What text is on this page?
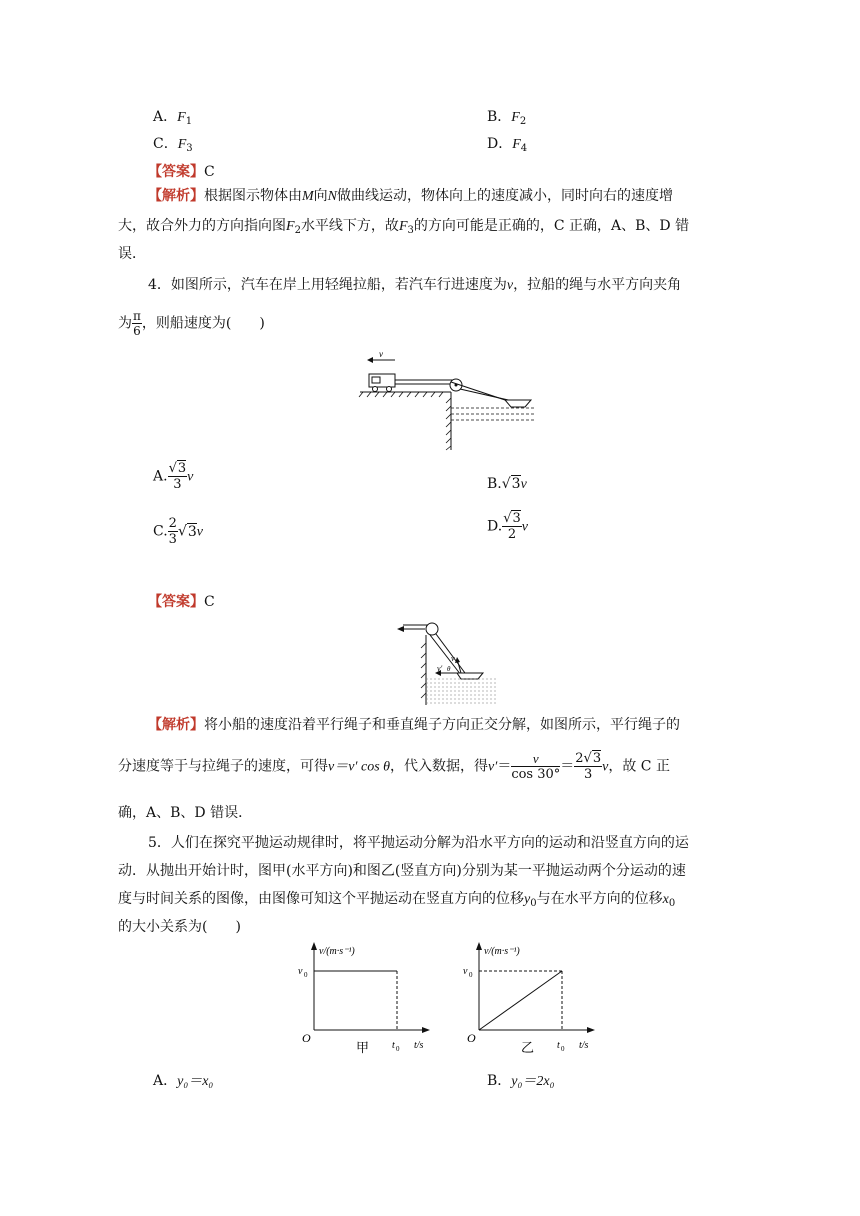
A．$F_1$	B．$F_2$
C．$F_3$	D．$F_4$
【答案】C
【解析】根据图示物体由M向N做曲线运动，物体向上的速度减小，同时向右的速度增
大，故合外力的方向指向图$F_2$水平线下方，故$F_3$的方向可能是正确的，C 正确，A、B、D 错
误．
4．如图所示，汽车在岸上用轻绳拉船，若汽车行进速度为v，拉船的绳与水平方向夹角
为 $\frac{\pi}{6}$ ，则船速度为(　　)
v
A. $\frac{√3}{3}$ v	B.√3v
C. $\frac{2}{3} √3v$	D. $\frac{√3}{2}$ v
【答案】C
v
v' θ
【解析】将小船的速度沿着平行绳子和垂直绳子方向正交分解，如图所示，平行绳子的
分速度等于与拉绳子的速度，可得v＝v′ cos θ，代入数据，得$v'= \frac{v}{\cos 30^\circ} = \frac{2√3}{3}$ v，故 C 正
确，A、B、D 错误．
5．人们在探究平抛运动规律时，将平抛运动分解为沿水平方向的运动和沿竖直方向的运
动．从抛出开始计时，图甲(水平方向)和图乙(竖直方向)分别为某一平抛运动两个分运动的速
度与时间关系的图像，由图像可知这个平抛运动在竖直方向的位移$y_0$与在水平方向的位移$x_0$
的大小关系为(　　)
v/(m·s⁻¹)
v 0
O
t 0 t/s
甲
v/(m·s⁻¹)
v 0
O
t 0 t/s
乙
A．y₀＝x₀	B．y₀＝2x₀
